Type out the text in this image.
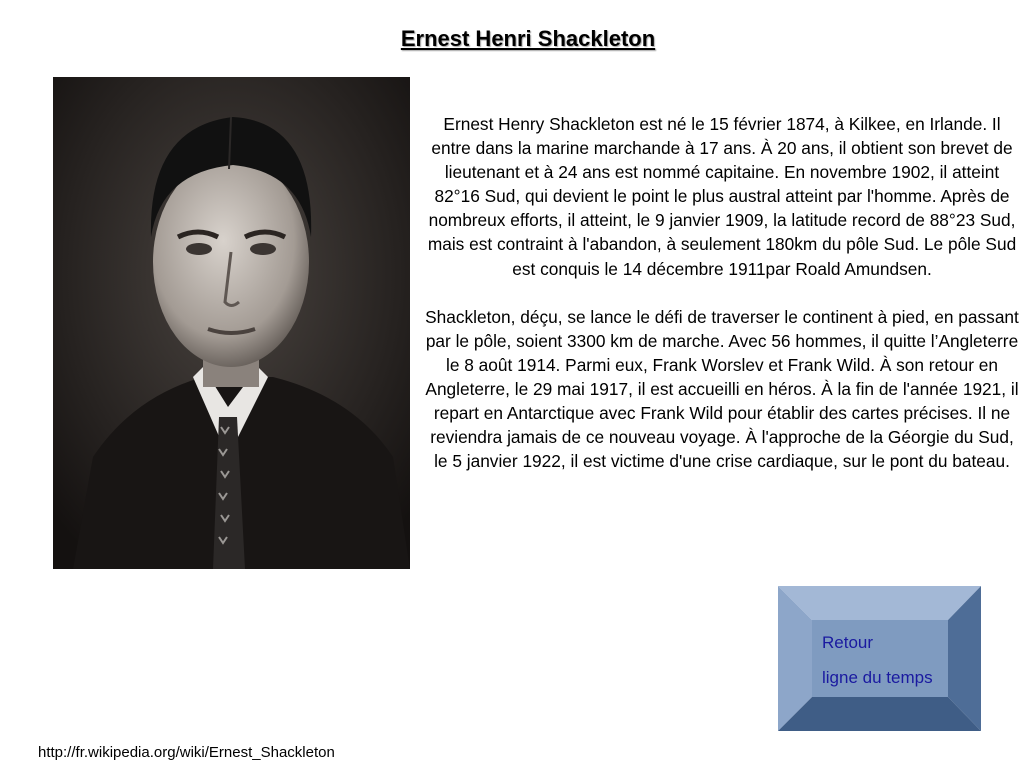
Ernest Henri Shackleton

Ernest Henry Shackleton est né le 15 février 1874, à Kilkee, en Irlande. Il entre dans la marine marchande à 17 ans. À 20 ans, il obtient son brevet de lieutenant et à 24 ans est nommé capitaine. En novembre 1902, il atteint 82°16 Sud, qui devient le point le plus austral atteint par l'homme. Après de nombreux efforts, il atteint, le 9 janvier 1909, la latitude record de 88°23 Sud, mais est contraint à l'abandon, à seulement 180km du pôle Sud. Le pôle Sud est conquis le 14 décembre 1911par Roald Amundsen.

Shackleton, déçu, se lance le défi de traverser le continent à pied, en passant par le pôle, soient 3300 km de marche. Avec 56 hommes, il quitte l’Angleterre le 8 août 1914. Parmi eux, Frank Worslev et Frank Wild. À son retour en Angleterre, le 29 mai 1917, il est accueilli en héros. À la fin de l'année 1921, il repart en Antarctique avec Frank Wild pour établir des cartes précises. Il ne reviendra jamais de ce nouveau voyage. À l'approche de la Géorgie du Sud, le 5 janvier 1922, il est victime d'une crise cardiaque, sur le pont du bateau.

Retour
ligne du temps
http://fr.wikipedia.org/wiki/Ernest_Shackleton
